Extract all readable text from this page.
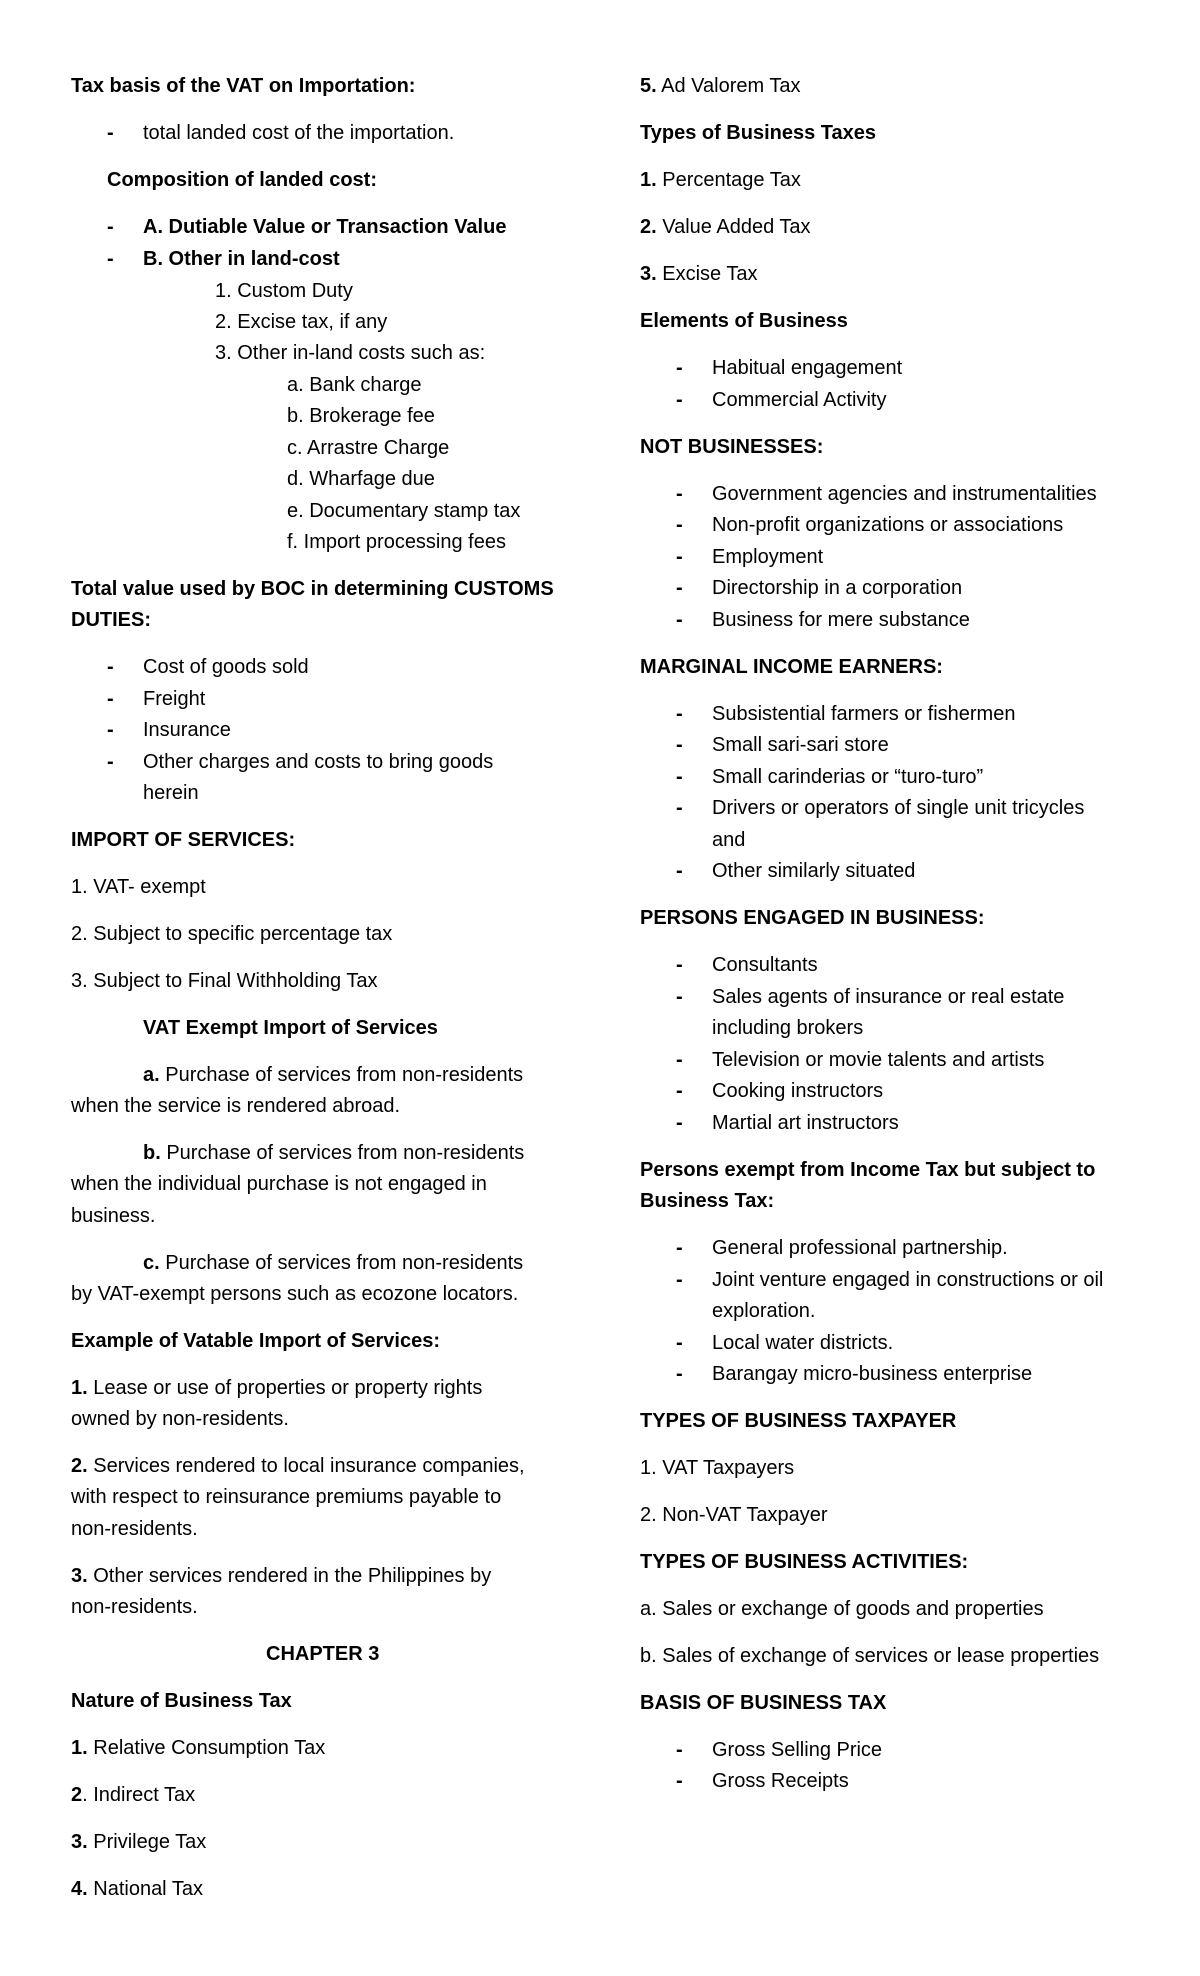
Tax basis of the VAT on Importation:
- total landed cost of the importation.
Composition of landed cost:
- A. Dutiable Value or Transaction Value
- B. Other in land-cost
1. Custom Duty
2. Excise tax, if any
3. Other in-land costs such as:
a. Bank charge
b. Brokerage fee
c. Arrastre Charge
d. Wharfage due
e. Documentary stamp tax
f. Import processing fees
Total value used by BOC in determining CUSTOMS
DUTIES:
- Cost of goods sold
- Freight
- Insurance
- Other charges and costs to bring goods
herein
IMPORT OF SERVICES:
1. VAT- exempt
2. Subject to specific percentage tax
3. Subject to Final Withholding Tax
VAT Exempt Import of Services
a. Purchase of services from non-residents
when the service is rendered abroad.
b. Purchase of services from non-residents
when the individual purchase is not engaged in
business.
c. Purchase of services from non-residents
by VAT-exempt persons such as ecozone locators.
Example of Vatable Import of Services:
1. Lease or use of properties or property rights
owned by non-residents.
2. Services rendered to local insurance companies,
with respect to reinsurance premiums payable to
non-residents.
3. Other services rendered in the Philippines by
non-residents.
CHAPTER 3
Nature of Business Tax
1. Relative Consumption Tax
2. Indirect Tax
3. Privilege Tax
4. National Tax
5. Ad Valorem Tax
Types of Business Taxes
1. Percentage Tax
2. Value Added Tax
3. Excise Tax
Elements of Business
- Habitual engagement
- Commercial Activity
NOT BUSINESSES:
- Government agencies and instrumentalities
- Non-profit organizations or associations
- Employment
- Directorship in a corporation
- Business for mere substance
MARGINAL INCOME EARNERS:
- Subsistential farmers or fishermen
- Small sari-sari store
- Small carinderias or “turo-turo”
- Drivers or operators of single unit tricycles
and
- Other similarly situated
PERSONS ENGAGED IN BUSINESS:
- Consultants
- Sales agents of insurance or real estate
including brokers
- Television or movie talents and artists
- Cooking instructors
- Martial art instructors
Persons exempt from Income Tax but subject to
Business Tax:
- General professional partnership.
- Joint venture engaged in constructions or oil
exploration.
- Local water districts.
- Barangay micro-business enterprise
TYPES OF BUSINESS TAXPAYER
1. VAT Taxpayers
2. Non-VAT Taxpayer
TYPES OF BUSINESS ACTIVITIES:
a. Sales or exchange of goods and properties
b. Sales of exchange of services or lease properties
BASIS OF BUSINESS TAX
- Gross Selling Price
- Gross Receipts
